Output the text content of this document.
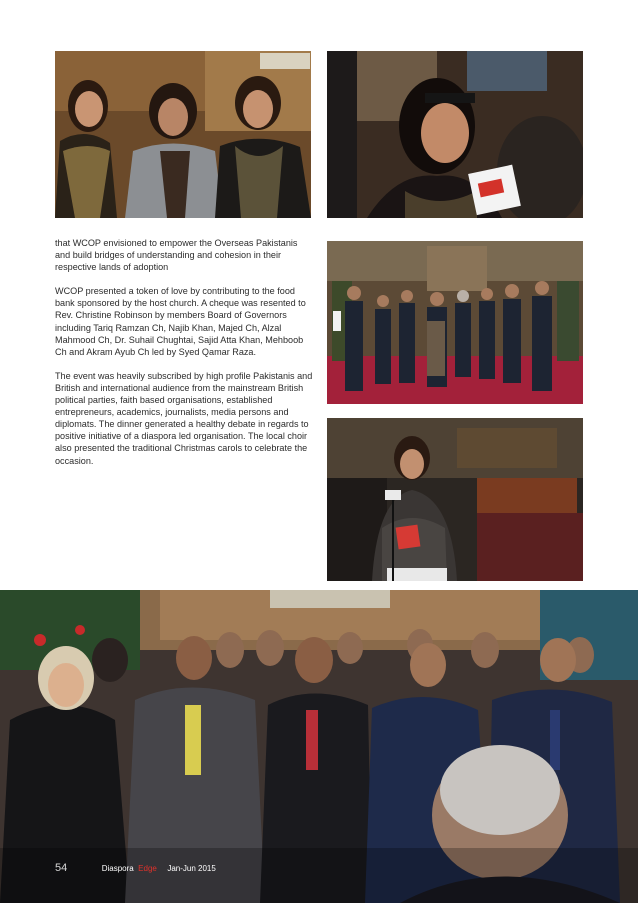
that WCOP envisioned to empower the Overseas Pakistanis and build bridges of understanding and cohesion in their respective lands of adoption

WCOP presented a token of love by contributing to the food bank sponsored by the host church. A cheque was resented to Rev. Christine Robinson by members Board of Governors including Tariq Ramzan Ch, Najib Khan, Majed Ch, Alzal Mahmood Ch, Dr. Suhail Chughtai, Sajid Atta Khan, Mehboob Ch and Akram Ayub Ch led by Syed Qamar Raza.

The event was heavily subscribed by high profile Pakistanis and British and international audience from the mainstream British political parties, faith based organisations, established entrepreneurs, academics, journalists, media persons and diplomats. The dinner generated a healthy debate in regards to positive initiative of a diaspora led organisation. The local choir also presented the traditional Christmas carols to celebrate the occasion.

54	Diaspora Edge Jan-Jun 2015
